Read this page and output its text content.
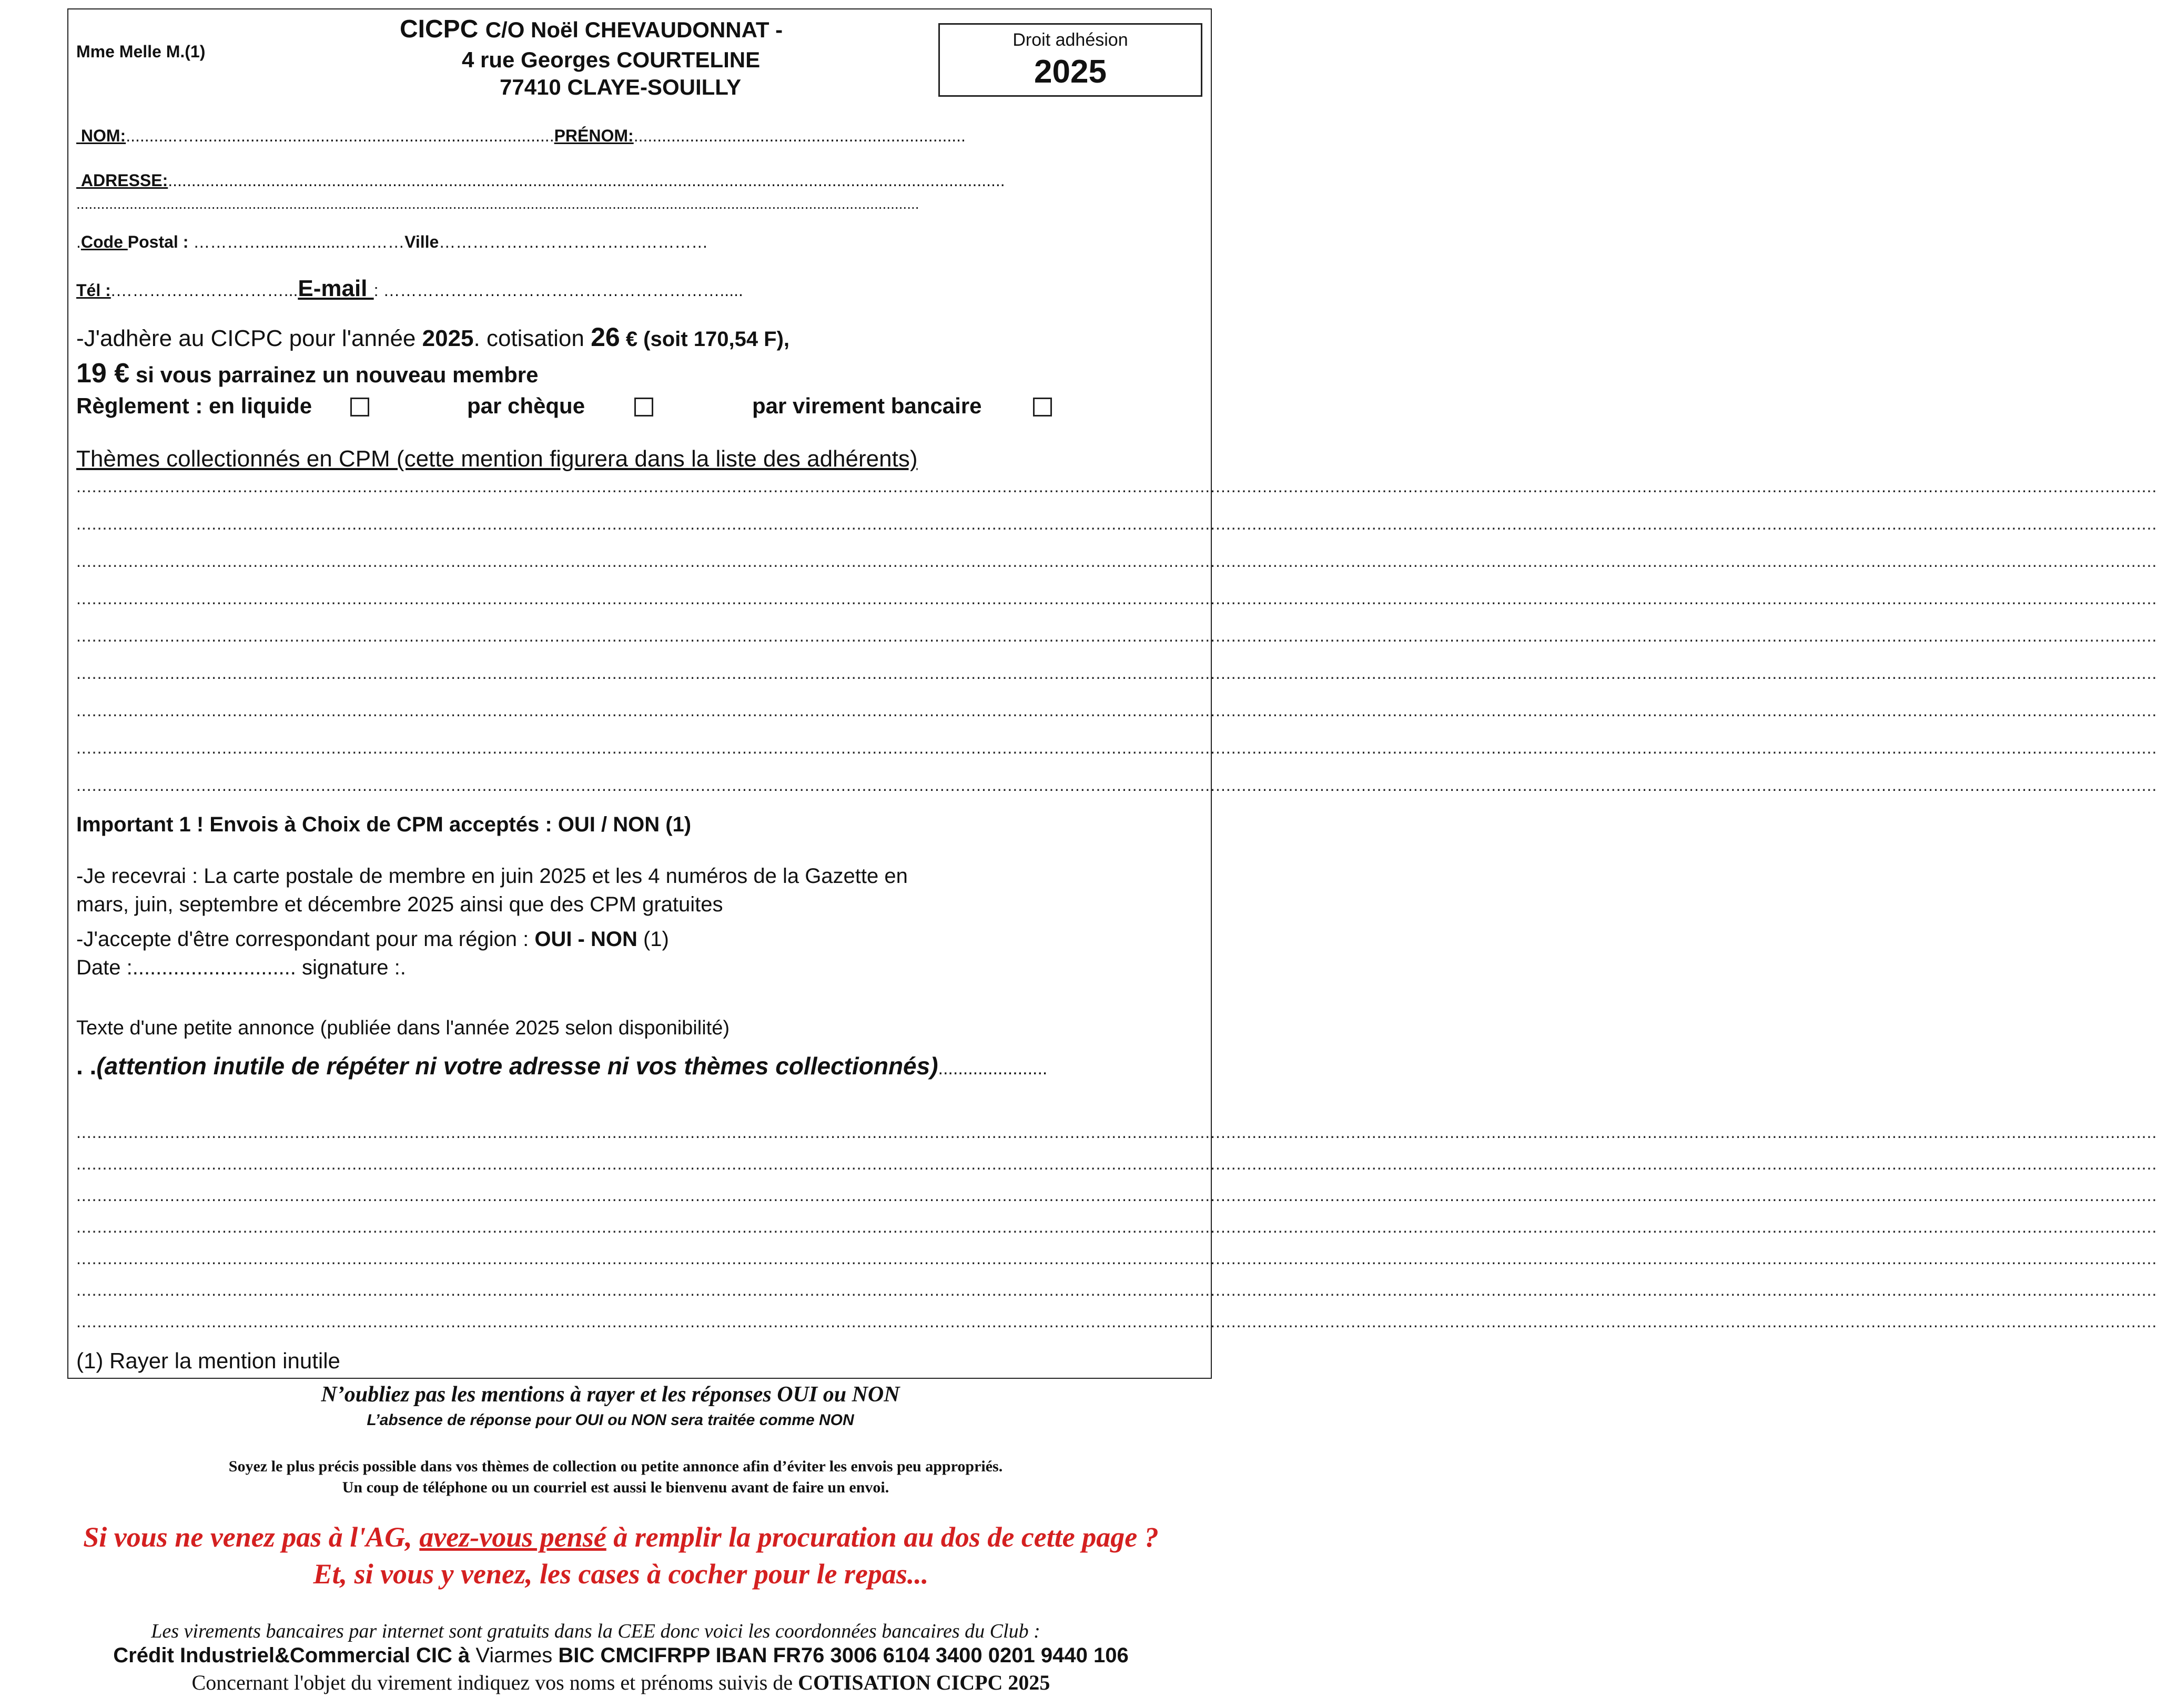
Mme Melle M.(1)
CICPC C/O Noël CHEVAUDONNAT -
4 rue Georges COURTELINE
77410 CLAYE-SOUILLY
Droit adhésion
2025
NOM:...........….............................................................................PRÉNOM:.......................................................................
ADRESSE:...................................................................................................................................................................................
..............................................................................................................................................................................................................
.Code Postal : …………..................…..……Ville…………………………………………
Tél :.…………………………...E-mail : …………………………………………………….....
-J'adhère au CICPC pour l'année 2025. cotisation 26 € (soit 170,54 F),
19 € si vous parrainez un nouveau membre
Règlement : en liquide	par chèque	par virement bancaire
Thèmes collectionnés en CPM (cette mention figurera dans la liste des adhérents)
................................................................................................................................................................................................................................................................................................................................................................................................................
................................................................................................................................................................................................................................................................................................................................................................................................................
................................................................................................................................................................................................................................................................................................................................................................................................................
................................................................................................................................................................................................................................................................................................................................................................................................................
................................................................................................................................................................................................................................................................................................................................................................................................................
................................................................................................................................................................................................................................................................................................................................................................................................................
................................................................................................................................................................................................................................................................................................................................................................................................................
................................................................................................................................................................................................................................................................................................................................................................................................................
................................................................................................................................................................................................................................................................................................................................................................................................................
Important 1 ! Envois à Choix de CPM acceptés : OUI / NON (1)
-Je recevrai : La carte postale de membre en juin 2025 et les 4 numéros de la Gazette en
mars, juin, septembre et décembre 2025 ainsi que des CPM gratuites
-J'accepte d'être correspondant pour ma région : OUI - NON (1)
Date :............................ signature :.
Texte d'une petite annonce (publiée dans l'année 2025 selon disponibilité)
. .(attention inutile de répéter ni votre adresse ni vos thèmes collectionnés)......................
................................................................................................................................................................................................................................................................................................................................................................................................................
................................................................................................................................................................................................................................................................................................................................................................................................................
................................................................................................................................................................................................................................................................................................................................................................................................................
................................................................................................................................................................................................................................................................................................................................................................................................................
................................................................................................................................................................................................................................................................................................................................................................................................................
................................................................................................................................................................................................................................................................................................................................................................................................................
................................................................................................................................................................................................................................................................................................................................................................................................................
(1) Rayer la mention inutile
N’oubliez pas les mentions à rayer et les réponses OUI ou NON
L’absence de réponse pour OUI ou NON sera traitée comme NON
Soyez le plus précis possible dans vos thèmes de collection ou petite annonce afin d’éviter les envois peu appropriés.
Un coup de téléphone ou un courriel est aussi le bienvenu avant de faire un envoi.
Si vous ne venez pas à l'AG, avez-vous pensé à remplir la procuration au dos de cette page ?
Et, si vous y venez, les cases à cocher pour le repas...
Les virements bancaires par internet sont gratuits dans la CEE donc voici les coordonnées bancaires du Club :
Crédit Industriel&Commercial CIC à Viarmes BIC CMCIFRPP IBAN FR76 3006 6104 3400 0201 9440 106
Concernant l'objet du virement indiquez vos noms et prénoms suivis de COTISATION CICPC 2025
